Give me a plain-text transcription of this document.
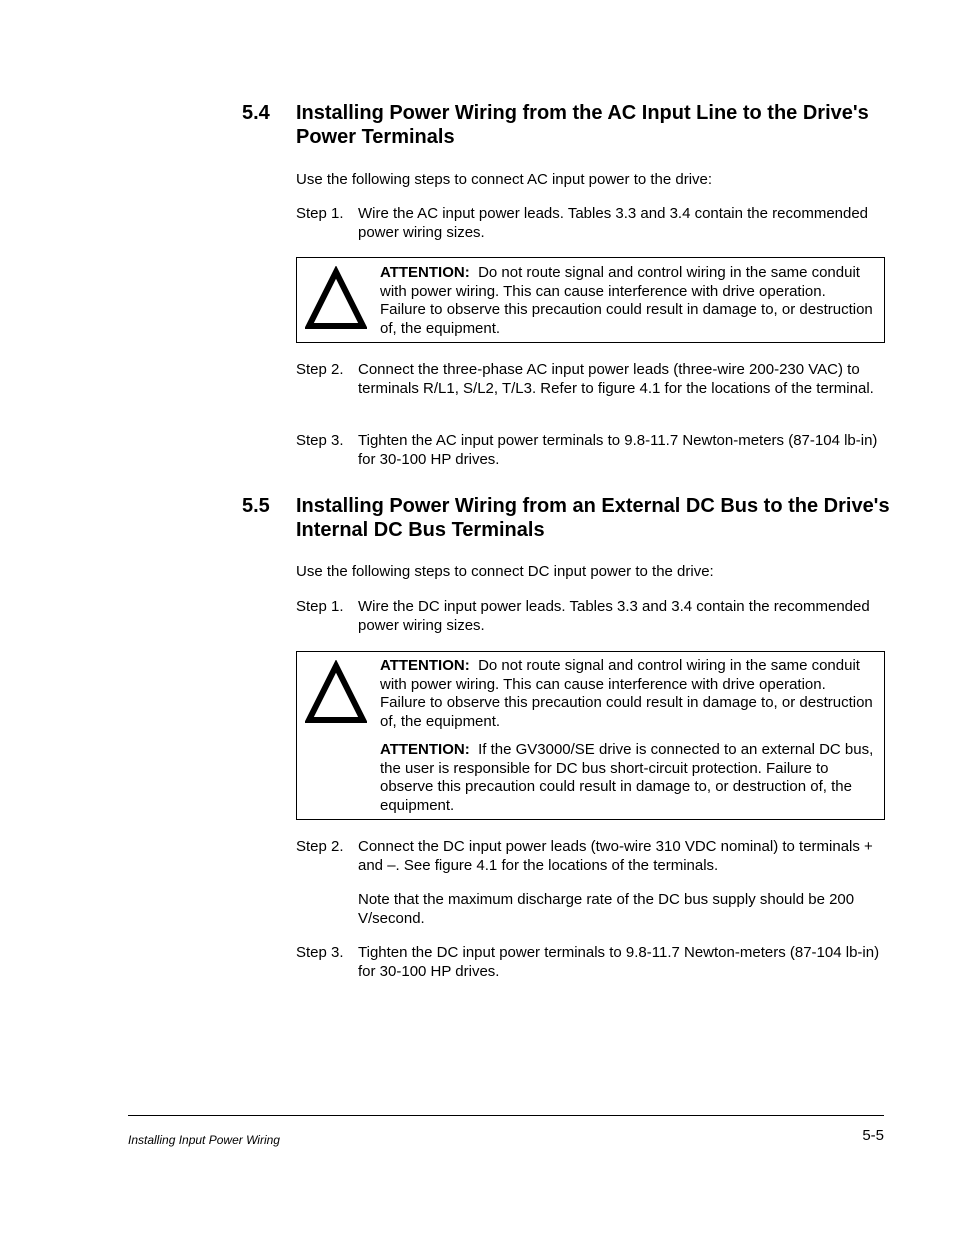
5.4 Installing Power Wiring from the AC Input Line to the Drive's Power Terminals
Use the following steps to connect AC input power to the drive:
Step 1. Wire the AC input power leads. Tables 3.3 and 3.4 contain the recommended power wiring sizes.
ATTENTION: Do not route signal and control wiring in the same conduit with power wiring. This can cause interference with drive operation. Failure to observe this precaution could result in damage to, or destruction of, the equipment.
Step 2. Connect the three-phase AC input power leads (three-wire 200-230 VAC) to terminals R/L1, S/L2, T/L3. Refer to figure 4.1 for the locations of the terminal.
Step 3. Tighten the AC input power terminals to 9.8-11.7 Newton-meters (87-104 lb-in) for 30-100 HP drives.
5.5 Installing Power Wiring from an External DC Bus to the Drive's Internal DC Bus Terminals
Use the following steps to connect DC input power to the drive:
Step 1. Wire the DC input power leads. Tables 3.3 and 3.4 contain the recommended power wiring sizes.
ATTENTION: Do not route signal and control wiring in the same conduit with power wiring. This can cause interference with drive operation. Failure to observe this precaution could result in damage to, or destruction of, the equipment.
ATTENTION: If the GV3000/SE drive is connected to an external DC bus, the user is responsible for DC bus short-circuit protection. Failure to observe this precaution could result in damage to, or destruction of, the equipment.
Step 2. Connect the DC input power leads (two-wire 310 VDC nominal) to terminals + and –. See figure 4.1 for the locations of the terminals.
Note that the maximum discharge rate of the DC bus supply should be 200 V/second.
Step 3. Tighten the DC input power terminals to 9.8-11.7 Newton-meters (87-104 lb-in) for 30-100 HP drives.
Installing Input Power Wiring	5-5
